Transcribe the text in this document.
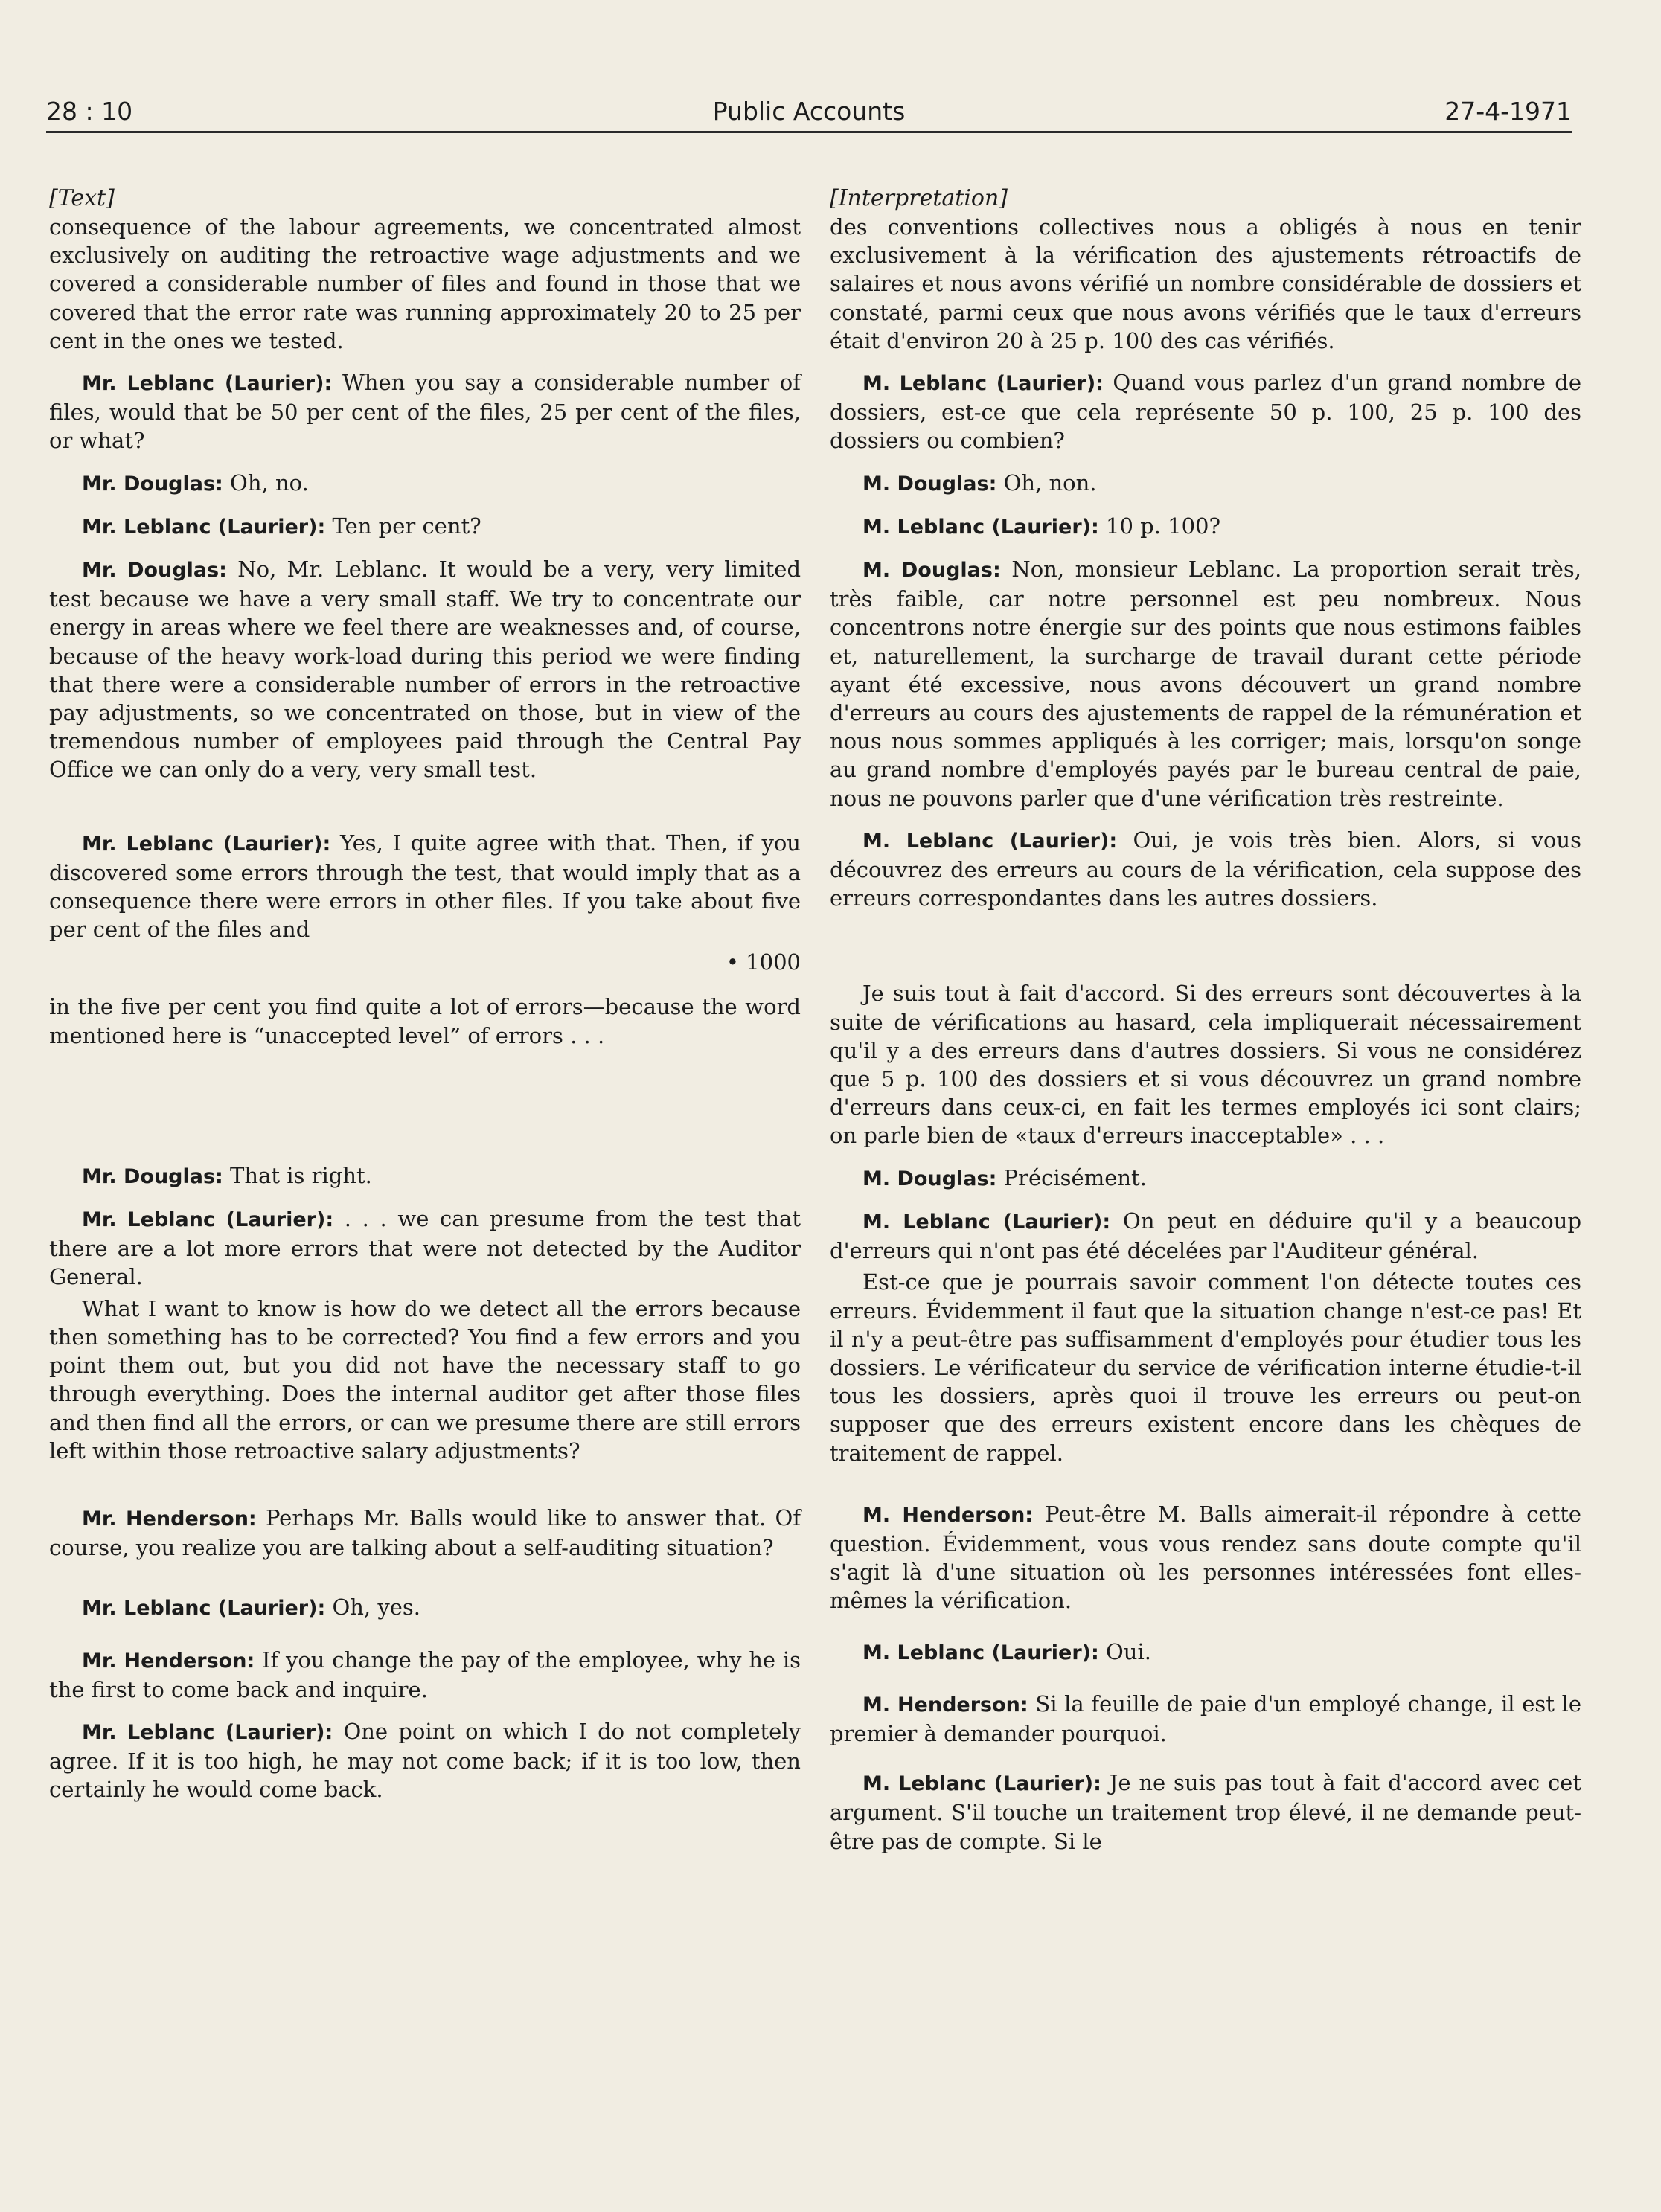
28 : 10	Public Accounts	27-4-1971

[Text]

consequence of the labour agreements, we concentrated almost exclusively on auditing the retroactive wage adjustments and we covered a considerable number of files and found in those that we covered that the error rate was running approximately 20 to 25 per cent in the ones we tested.

Mr. Leblanc (Laurier): When you say a considerable number of files, would that be 50 per cent of the files, 25 per cent of the files, or what?

Mr. Douglas: Oh, no.

Mr. Leblanc (Laurier): Ten per cent?

Mr. Douglas: No, Mr. Leblanc. It would be a very, very limited test because we have a very small staff. We try to concentrate our energy in areas where we feel there are weaknesses and, of course, because of the heavy work-load during this period we were finding that there were a considerable number of errors in the retroactive pay adjustments, so we concentrated on those, but in view of the tremendous number of employees paid through the Central Pay Office we can only do a very, very small test.

Mr. Leblanc (Laurier): Yes, I quite agree with that. Then, if you discovered some errors through the test, that would imply that as a consequence there were errors in other files. If you take about five per cent of the files and

• 1000

in the five per cent you find quite a lot of errors—because the word mentioned here is “unaccepted level” of errors . . .

Mr. Douglas: That is right.

Mr. Leblanc (Laurier): . . . we can presume from the test that there are a lot more errors that were not detected by the Auditor General.

What I want to know is how do we detect all the errors because then something has to be corrected? You find a few errors and you point them out, but you did not have the necessary staff to go through everything. Does the internal auditor get after those files and then find all the errors, or can we presume there are still errors left within those retroactive salary adjustments?

Mr. Henderson: Perhaps Mr. Balls would like to answer that. Of course, you realize you are talking about a self-auditing situation?

Mr. Leblanc (Laurier): Oh, yes.

Mr. Henderson: If you change the pay of the employee, why he is the first to come back and inquire.

Mr. Leblanc (Laurier): One point on which I do not completely agree. If it is too high, he may not come back; if it is too low, then certainly he would come back.

[Interpretation]

des conventions collectives nous a obligés à nous en tenir exclusivement à la vérification des ajustements rétroactifs de salaires et nous avons vérifié un nombre considérable de dossiers et constaté, parmi ceux que nous avons vérifiés que le taux d'erreurs était d'environ 20 à 25 p. 100 des cas vérifiés.

M. Leblanc (Laurier): Quand vous parlez d'un grand nombre de dossiers, est-ce que cela représente 50 p. 100, 25 p. 100 des dossiers ou combien?

M. Douglas: Oh, non.

M. Leblanc (Laurier): 10 p. 100?

M. Douglas: Non, monsieur Leblanc. La proportion serait très, très faible, car notre personnel est peu nombreux. Nous concentrons notre énergie sur des points que nous estimons faibles et, naturellement, la surcharge de travail durant cette période ayant été excessive, nous avons découvert un grand nombre d'erreurs au cours des ajustements de rappel de la rémunération et nous nous sommes appliqués à les corriger; mais, lorsqu'on songe au grand nombre d'employés payés par le bureau central de paie, nous ne pouvons parler que d'une vérification très restreinte.

M. Leblanc (Laurier): Oui, je vois très bien. Alors, si vous découvrez des erreurs au cours de la vérification, cela suppose des erreurs correspondantes dans les autres dossiers.

Je suis tout à fait d'accord. Si des erreurs sont découvertes à la suite de vérifications au hasard, cela impliquerait nécessairement qu'il y a des erreurs dans d'autres dossiers. Si vous ne considérez que 5 p. 100 des dossiers et si vous découvrez un grand nombre d'erreurs dans ceux-ci, en fait les termes employés ici sont clairs; on parle bien de «taux d'erreurs inacceptable» . . .

M. Douglas: Précisément.

M. Leblanc (Laurier): On peut en déduire qu'il y a beaucoup d'erreurs qui n'ont pas été décelées par l'Auditeur général.

Est-ce que je pourrais savoir comment l'on détecte toutes ces erreurs. Évidemment il faut que la situation change n'est-ce pas! Et il n'y a peut-être pas suffisamment d'employés pour étudier tous les dossiers. Le vérificateur du service de vérification interne étudie-t-il tous les dossiers, après quoi il trouve les erreurs ou peut-on supposer que des erreurs existent encore dans les chèques de traitement de rappel.

M. Henderson: Peut-être M. Balls aimerait-il répondre à cette question. Évidemment, vous vous rendez sans doute compte qu'il s'agit là d'une situation où les personnes intéressées font elles-mêmes la vérification.

M. Leblanc (Laurier): Oui.

M. Henderson: Si la feuille de paie d'un employé change, il est le premier à demander pourquoi.

M. Leblanc (Laurier): Je ne suis pas tout à fait d'accord avec cet argument. S'il touche un traitement trop élevé, il ne demande peut-être pas de compte. Si le
